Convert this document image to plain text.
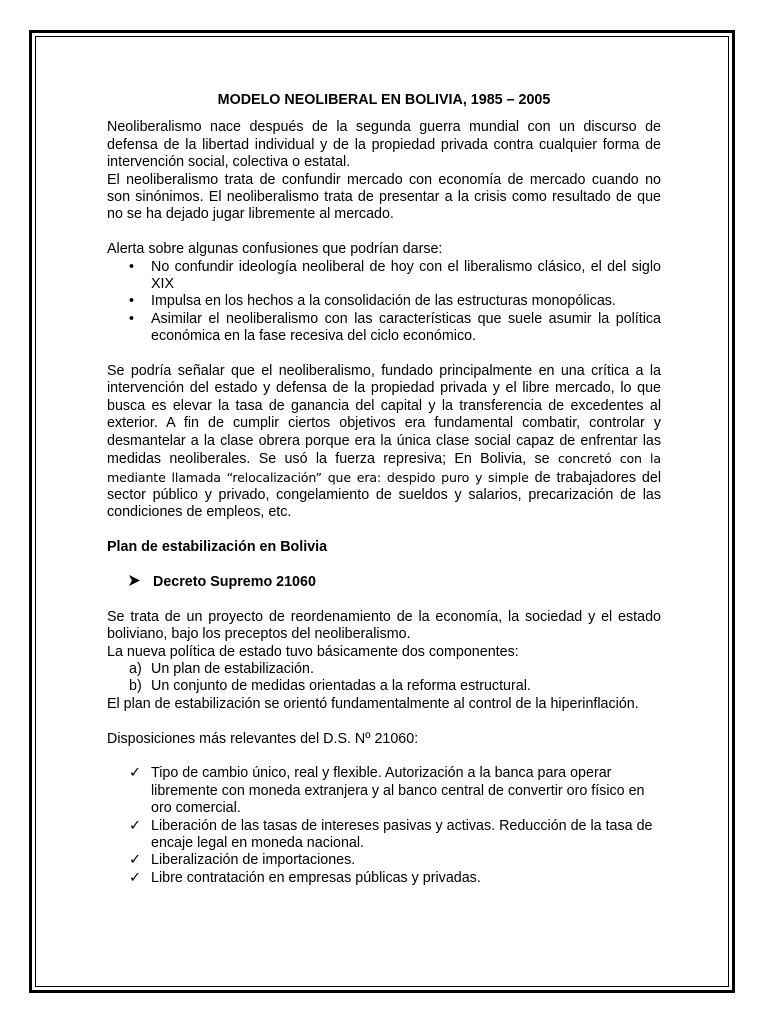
MODELO NEOLIBERAL EN BOLIVIA, 1985 – 2005

Neoliberalismo nace después de la segunda guerra mundial con un discurso de defensa de la libertad individual y de la propiedad privada contra cualquier forma de intervención social, colectiva o estatal.

El neoliberalismo trata de confundir mercado con economía de mercado cuando no son sinónimos. El neoliberalismo trata de presentar a la crisis como resultado de que no se ha dejado jugar libremente al mercado.

Alerta sobre algunas confusiones que podrían darse:

• No confundir ideología neoliberal de hoy con el liberalismo clásico, el del siglo XIX
• Impulsa en los hechos a la consolidación de las estructuras monopólicas.
• Asimilar el neoliberalismo con las características que suele asumir la política económica en la fase recesiva del ciclo económico.

Se podría señalar que el neoliberalismo, fundado principalmente en una crítica a la intervención del estado y defensa de la propiedad privada y el libre mercado, lo que busca es elevar la tasa de ganancia del capital y la transferencia de excedentes al exterior. A fin de cumplir ciertos objetivos era fundamental combatir, controlar y desmantelar a la clase obrera porque era la única clase social capaz de enfrentar las medidas neoliberales. Se usó la fuerza represiva; En Bolivia, se concretó con la mediante llamada “relocalización” que era: despido puro y simple de trabajadores del sector público y privado, congelamiento de sueldos y salarios, precarización de las condiciones de empleos, etc.

Plan de estabilización en Bolivia
Decreto Supremo 21060

Se trata de un proyecto de reordenamiento de la economía, la sociedad y el estado boliviano, bajo los preceptos del neoliberalismo.

La nueva política de estado tuvo básicamente dos componentes:

a) Un plan de estabilización.
b) Un conjunto de medidas orientadas a la reforma estructural.

El plan de estabilización se orientó fundamentalmente al control de la hiperinflación.

Disposiciones más relevantes del D.S. Nº 21060:

✓ Tipo de cambio único, real y flexible. Autorización a la banca para operar libremente con moneda extranjera y al banco central de convertir oro físico en oro comercial.
✓ Liberación de las tasas de intereses pasivas y activas. Reducción de la tasa de encaje legal en moneda nacional.
✓ Liberalización de importaciones.
✓ Libre contratación en empresas públicas y privadas.
